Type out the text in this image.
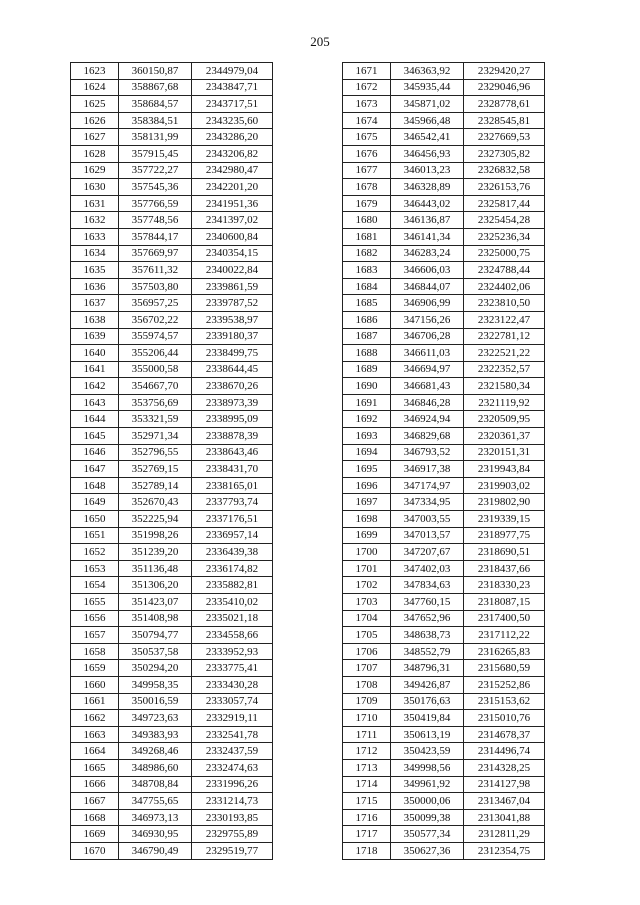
205
1623	360150,87	2344979,04
1624	358867,68	2343847,71
1625	358684,57	2343717,51
1626	358384,51	2343235,60
1627	358131,99	2343286,20
1628	357915,45	2343206,82
1629	357722,27	2342980,47
1630	357545,36	2342201,20
1631	357766,59	2341951,36
1632	357748,56	2341397,02
1633	357844,17	2340600,84
1634	357669,97	2340354,15
1635	357611,32	2340022,84
1636	357503,80	2339861,59
1637	356957,25	2339787,52
1638	356702,22	2339538,97
1639	355974,57	2339180,37
1640	355206,44	2338499,75
1641	355000,58	2338644,45
1642	354667,70	2338670,26
1643	353756,69	2338973,39
1644	353321,59	2338995,09
1645	352971,34	2338878,39
1646	352796,55	2338643,46
1647	352769,15	2338431,70
1648	352789,14	2338165,01
1649	352670,43	2337793,74
1650	352225,94	2337176,51
1651	351998,26	2336957,14
1652	351239,20	2336439,38
1653	351136,48	2336174,82
1654	351306,20	2335882,81
1655	351423,07	2335410,02
1656	351408,98	2335021,18
1657	350794,77	2334558,66
1658	350537,58	2333952,93
1659	350294,20	2333775,41
1660	349958,35	2333430,28
1661	350016,59	2333057,74
1662	349723,63	2332919,11
1663	349383,93	2332541,78
1664	349268,46	2332437,59
1665	348986,60	2332474,63
1666	348708,84	2331996,26
1667	347755,65	2331214,73
1668	346973,13	2330193,85
1669	346930,95	2329755,89
1670	346790,49	2329519,77
1671	346363,92	2329420,27
1672	345935,44	2329046,96
1673	345871,02	2328778,61
1674	345966,48	2328545,81
1675	346542,41	2327669,53
1676	346456,93	2327305,82
1677	346013,23	2326832,58
1678	346328,89	2326153,76
1679	346443,02	2325817,44
1680	346136,87	2325454,28
1681	346141,34	2325236,34
1682	346283,24	2325000,75
1683	346606,03	2324788,44
1684	346844,07	2324402,06
1685	346906,99	2323810,50
1686	347156,26	2323122,47
1687	346706,28	2322781,12
1688	346611,03	2322521,22
1689	346694,97	2322352,57
1690	346681,43	2321580,34
1691	346846,28	2321119,92
1692	346924,94	2320509,95
1693	346829,68	2320361,37
1694	346793,52	2320151,31
1695	346917,38	2319943,84
1696	347174,97	2319903,02
1697	347334,95	2319802,90
1698	347003,55	2319339,15
1699	347013,57	2318977,75
1700	347207,67	2318690,51
1701	347402,03	2318437,66
1702	347834,63	2318330,23
1703	347760,15	2318087,15
1704	347652,96	2317400,50
1705	348638,73	2317112,22
1706	348552,79	2316265,83
1707	348796,31	2315680,59
1708	349426,87	2315252,86
1709	350176,63	2315153,62
1710	350419,84	2315010,76
1711	350613,19	2314678,37
1712	350423,59	2314496,74
1713	349998,56	2314328,25
1714	349961,92	2314127,98
1715	350000,06	2313467,04
1716	350099,38	2313041,88
1717	350577,34	2312811,29
1718	350627,36	2312354,75
